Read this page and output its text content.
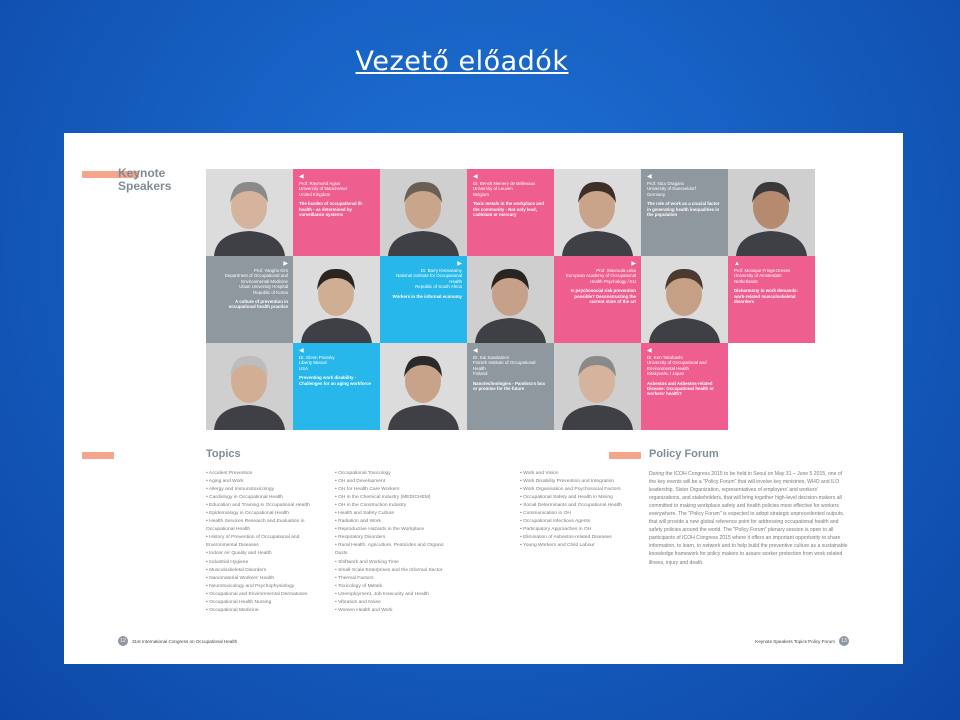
Vezető előadók
Keynote
Speakers
◀
Prof. Raymond Agius
University of Manchester
United Kingdom
The burden of occupational ill-health - as determined by surveillance systems
◀
Dr. Benoit Nemery de Bellevaux
University of Leuven
Belgium
Toxic metals in the workplace and the community - Not only lead, cadmium or mercury
◀
Prof. Nico Dragano
University of Duesseldorf
Germany
The role of work as a crucial factor in generating health inequalities in the population
▶
Prof. Yangho Kim
Department of Occupational and Environmental Medicine
Ulsan University Hospital
Republic of Korea
A culture of prevention in occupational health practice
▶
Dr. Barry Kistnasamy
National Institute for Occupational Health
Republic of South Africa
Workers in the informal economy
▶
Prof. Stavroula Leka
European Academy of Occupational
Health Psychology / EU
Is psychosocial risk prevention possible? Deconstructing the current state of the art
▲
Prof. Monique Frings-Dresen
University of Amsterdam
Netherlands
Disharmony in work demands: work-related musculoskeletal disorders
◀
Dr. Glenn Pransky
Liberty Mutual
USA
Preventing work disability - Challenges for an aging workforce
◀
Dr. Kai Savolainen
Finnish Institute of Occupational Health
Finland
Nanotechnologies - Pandora's box or promise for the future
◀
Dr. Ken Takahashi
University of Occupational and Environmental Health
Kitakyushu / Japan
Asbestos and Asbestos-related Disease: Occupational health or workers' health?
Topics
• Accident Prevention
• Aging and Work
• Allergy and Immunotoxicology
• Cardiology in Occupational Health
• Education and Training in Occupational Health
• Epidemiology in Occupational Health
• Health Services Research and Evaluation in
Occupational Health
• History of Prevention of Occupational and
Environmental Diseases
• Indoor Air Quality and Health
• Industrial Hygiene
• Musculoskeletal Disorders
• Nanomaterial Workers' Health
• Neurotoxicology and Psychophysiology
• Occupational and Environmental Dermatoses
• Occupational Health Nursing
• Occupational Medicine
• Occupational Toxicology
• OH and Development
• OH for Health Care Workers
• OH in the Chemical Industry (MEDICHEM)
• OH in the Construction Industry
• Health and Safety Culture
• Radiation and Work
• Reproductive Hazards in the Workplace
• Respiratory Disorders
• Rural Health: Agriculture, Pesticides and Organic
Dusts
• Shiftwork and Working Time
• Small-Scale Enterprises and the Informal Sector
• Thermal Factors
• Toxicology of Metals
• Unemployment, Job Insecurity and Health
• Vibration and Noise
• Women Health and Work
• Work and Vision
• Work Disability Prevention and Integration
• Work Organisation and Psychosocial Factors
• Occupational Safety and Health in Mining
• Social Determinants and Occupational Health
• Communication in OH
• Occupational Infectious Agents
• Participatory Approaches in OH
• Elimination of Asbestos-related Diseases
• Young Workers and Child Labour
Policy Forum
During the ICOH Congress 2015 to be held in Seoul on May 31 – June 5 2015, one of the key events will be a "Policy Forum" that will involve key ministries, WHO and ILO leadership, Sister Organization, representatives of employers' and workers' organizations, and stakeholders, that will bring together high-level decision-makers all committed to making workplace safety and health policies more effective for workers everywhere. The "Policy Forum" is expected to adopt strategic unprecedented outputs, that will provide a new global reference point for addressing occupational health and safety policies around the world. The "Policy Forum" plenary session is open to all participants of ICOH Congress 2015 where it offers an important opportunity to share information, to learn, to network and to help build the preventive culture as a sustainable knowledge framework for policy makers to assure worker protection from work-related illness, injury and death.
12	31st International Congress on Occupational Health	Keynote Speakers Topics Policy Forum	13
